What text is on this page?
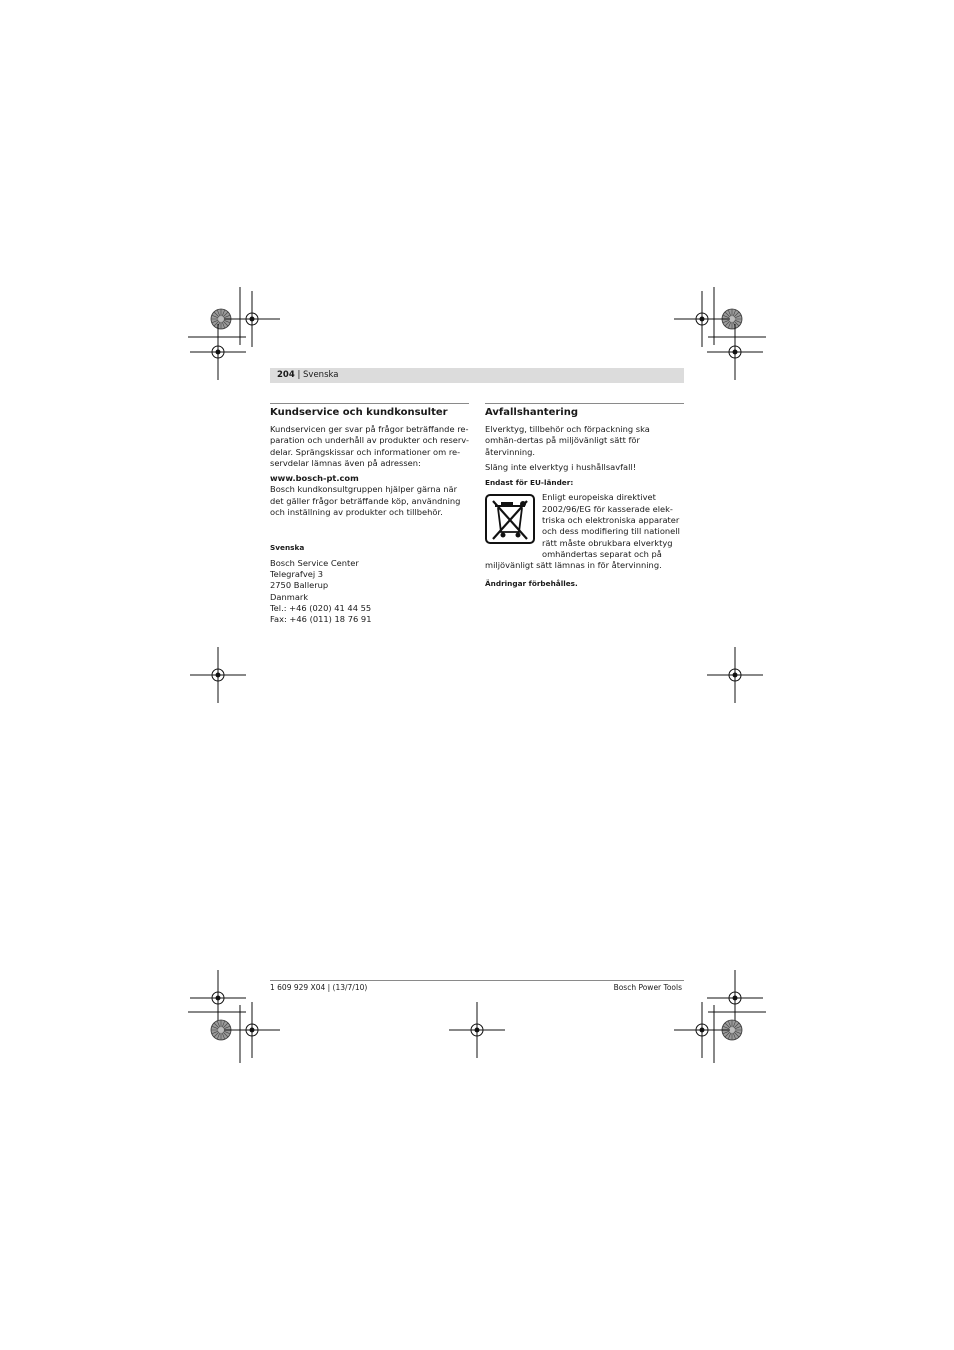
204 | Svenska
Kundservice och kundkonsulter

Kundservicen ger svar på frågor beträffande re-paration och underhåll av produkter och reserv-delar. Sprängskissar och informationer om re-servdelar lämnas även på adressen:

www.bosch-pt.com

Bosch kundkonsultgruppen hjälper gärna när det gäller frågor beträffande köp, användning och inställning av produkter och tillbehör.

Svenska

Bosch Service Center

Telegrafvej 3

2750 Ballerup

Danmark

Tel.: +46 (020) 41 44 55

Fax: +46 (011) 18 76 91

Avfallshantering

Elverktyg, tillbehör och förpackning ska omhän-dertas på miljövänligt sätt för återvinning.

Släng inte elverktyg i hushållsavfall!

Endast för EU-länder:

Enligt europeiska direktivet

2002/96/EG för kasserade elek-

triska och elektroniska apparater

och dess modifiering till nationell

rätt måste obrukbara elverktyg

omhändertas separat och på

miljövänligt sätt lämnas in för återvinning.

Ändringar förbehålles.

1 609 929 X04 | (13/7/10)	Bosch Power Tools
